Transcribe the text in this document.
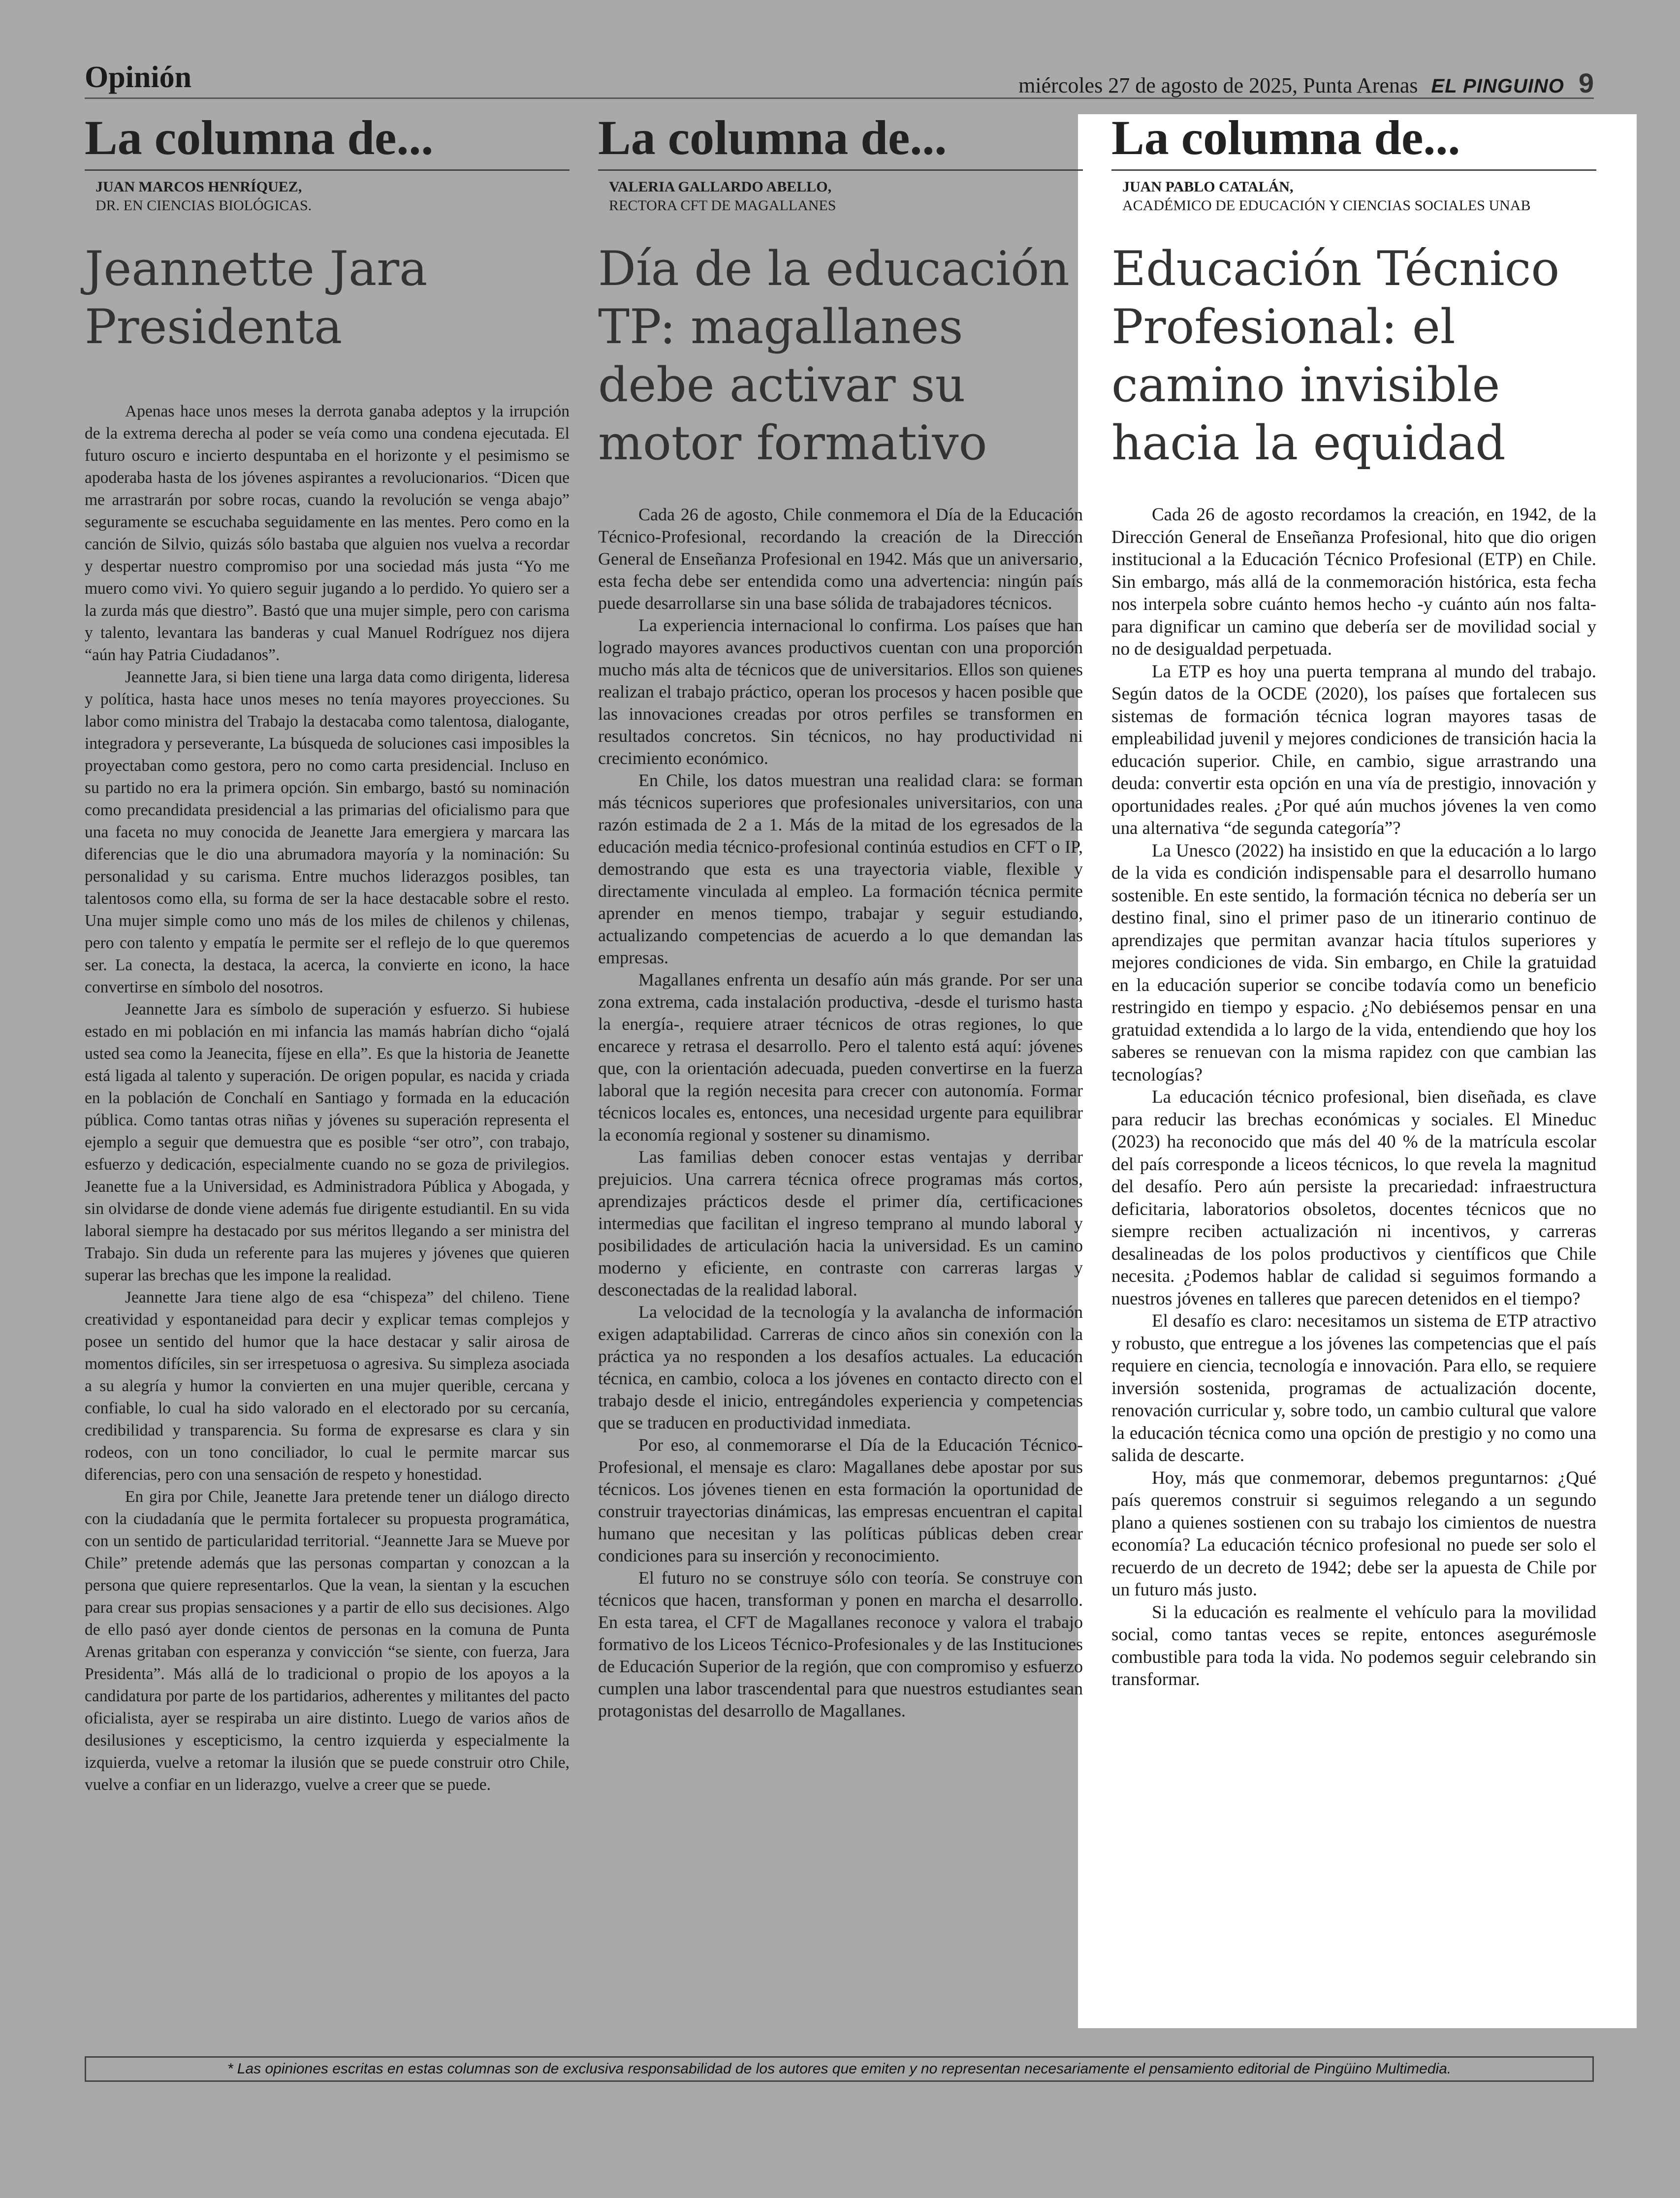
Opinión	miércoles 27 de agosto de 2025, Punta Arenas EL PINGUINO 9
La columna de...
JUAN MARCOS HENRÍQUEZ,
DR. EN CIENCIAS BIOLÓGICAS.
Jeannette Jara Presidenta

Apenas hace unos meses la derrota ganaba adeptos y la irrupción de la extrema derecha al poder se veía como una condena ejecutada. El futuro oscuro e incierto despuntaba en el horizonte y el pesimismo se apoderaba hasta de los jóvenes aspirantes a revolucionarios. “Dicen que me arrastrarán por sobre rocas, cuando la revolución se venga abajo” seguramente se escuchaba seguidamente en las mentes. Pero como en la canción de Silvio, quizás sólo bastaba que alguien nos vuelva a recordar y despertar nuestro compromiso por una sociedad más justa “Yo me muero como vivi. Yo quiero seguir jugando a lo perdido. Yo quiero ser a la zurda más que diestro”. Bastó que una mujer simple, pero con carisma y talento, levantara las banderas y cual Manuel Rodríguez nos dijera “aún hay Patria Ciudadanos”.

Jeannette Jara, si bien tiene una larga data como dirigenta, lideresa y política, hasta hace unos meses no tenía mayores proyecciones. Su labor como ministra del Trabajo la destacaba como talentosa, dialogante, integradora y perseverante, La búsqueda de soluciones casi imposibles la proyectaban como gestora, pero no como carta presidencial. Incluso en su partido no era la primera opción. Sin embargo, bastó su nominación como precandidata presidencial a las primarias del oficialismo para que una faceta no muy conocida de Jeanette Jara emergiera y marcara las diferencias que le dio una abrumadora mayoría y la nominación: Su personalidad y su carisma. Entre muchos liderazgos posibles, tan talentosos como ella, su forma de ser la hace destacable sobre el resto. Una mujer simple como uno más de los miles de chilenos y chilenas, pero con talento y empatía le permite ser el reflejo de lo que queremos ser. La conecta, la destaca, la acerca, la convierte en icono, la hace convertirse en símbolo del nosotros.

Jeannette Jara es símbolo de superación y esfuerzo. Si hubiese estado en mi población en mi infancia las mamás habrían dicho “ojalá usted sea como la Jeanecita, fíjese en ella”. Es que la historia de Jeanette está ligada al talento y superación. De origen popular, es nacida y criada en la población de Conchalí en Santiago y formada en la educación pública. Como tantas otras niñas y jóvenes su superación representa el ejemplo a seguir que demuestra que es posible “ser otro”, con trabajo, esfuerzo y dedicación, especialmente cuando no se goza de privilegios. Jeanette fue a la Universidad, es Administradora Pública y Abogada, y sin olvidarse de donde viene además fue dirigente estudiantil. En su vida laboral siempre ha destacado por sus méritos llegando a ser ministra del Trabajo. Sin duda un referente para las mujeres y jóvenes que quieren superar las brechas que les impone la realidad.

Jeannette Jara tiene algo de esa “chispeza” del chileno. Tiene creatividad y espontaneidad para decir y explicar temas complejos y posee un sentido del humor que la hace destacar y salir airosa de momentos difíciles, sin ser irrespetuosa o agresiva. Su simpleza asociada a su alegría y humor la convierten en una mujer querible, cercana y confiable, lo cual ha sido valorado en el electorado por su cercanía, credibilidad y transparencia. Su forma de expresarse es clara y sin rodeos, con un tono conciliador, lo cual le permite marcar sus diferencias, pero con una sensación de respeto y honestidad.

En gira por Chile, Jeanette Jara pretende tener un diálogo directo con la ciudadanía que le permita fortalecer su propuesta programática, con un sentido de particularidad territorial. “Jeannette Jara se Mueve por Chile” pretende además que las personas compartan y conozcan a la persona que quiere representarlos. Que la vean, la sientan y la escuchen para crear sus propias sensaciones y a partir de ello sus decisiones. Algo de ello pasó ayer donde cientos de personas en la comuna de Punta Arenas gritaban con esperanza y convicción “se siente, con fuerza, Jara Presidenta”. Más allá de lo tradicional o propio de los apoyos a la candidatura por parte de los partidarios, adherentes y militantes del pacto oficialista, ayer se respiraba un aire distinto. Luego de varios años de desilusiones y escepticismo, la centro izquierda y especialmente la izquierda, vuelve a retomar la ilusión que se puede construir otro Chile, vuelve a confiar en un liderazgo, vuelve a creer que se puede.

La columna de...
VALERIA GALLARDO ABELLO,
RECTORA CFT DE MAGALLANES
Día de la educación TP: magallanes debe activar su motor formativo

Cada 26 de agosto, Chile conmemora el Día de la Educación Técnico-Profesional, recordando la creación de la Dirección General de Enseñanza Profesional en 1942. Más que un aniversario, esta fecha debe ser entendida como una advertencia: ningún país puede desarrollarse sin una base sólida de trabajadores técnicos.

La experiencia internacional lo confirma. Los países que han logrado mayores avances productivos cuentan con una proporción mucho más alta de técnicos que de universitarios. Ellos son quienes realizan el trabajo práctico, operan los procesos y hacen posible que las innovaciones creadas por otros perfiles se transformen en resultados concretos. Sin técnicos, no hay productividad ni crecimiento económico.

En Chile, los datos muestran una realidad clara: se forman más técnicos superiores que profesionales universitarios, con una razón estimada de 2 a 1. Más de la mitad de los egresados de la educación media técnico-profesional continúa estudios en CFT o IP, demostrando que esta es una trayectoria viable, flexible y directamente vinculada al empleo. La formación técnica permite aprender en menos tiempo, trabajar y seguir estudiando, actualizando competencias de acuerdo a lo que demandan las empresas.

Magallanes enfrenta un desafío aún más grande. Por ser una zona extrema, cada instalación productiva, -desde el turismo hasta la energía-, requiere atraer técnicos de otras regiones, lo que encarece y retrasa el desarrollo. Pero el talento está aquí: jóvenes que, con la orientación adecuada, pueden convertirse en la fuerza laboral que la región necesita para crecer con autonomía. Formar técnicos locales es, entonces, una necesidad urgente para equilibrar la economía regional y sostener su dinamismo.

Las familias deben conocer estas ventajas y derribar prejuicios. Una carrera técnica ofrece programas más cortos, aprendizajes prácticos desde el primer día, certificaciones intermedias que facilitan el ingreso temprano al mundo laboral y posibilidades de articulación hacia la universidad. Es un camino moderno y eficiente, en contraste con carreras largas y desconectadas de la realidad laboral.

La velocidad de la tecnología y la avalancha de información exigen adaptabilidad. Carreras de cinco años sin conexión con la práctica ya no responden a los desafíos actuales. La educación técnica, en cambio, coloca a los jóvenes en contacto directo con el trabajo desde el inicio, entregándoles experiencia y competencias que se traducen en productividad inmediata.

Por eso, al conmemorarse el Día de la Educación Técnico-Profesional, el mensaje es claro: Magallanes debe apostar por sus técnicos. Los jóvenes tienen en esta formación la oportunidad de construir trayectorias dinámicas, las empresas encuentran el capital humano que necesitan y las políticas públicas deben crear condiciones para su inserción y reconocimiento.

El futuro no se construye sólo con teoría. Se construye con técnicos que hacen, transforman y ponen en marcha el desarrollo. En esta tarea, el CFT de Magallanes reconoce y valora el trabajo formativo de los Liceos Técnico-Profesionales y de las Instituciones de Educación Superior de la región, que con compromiso y esfuerzo cumplen una labor trascendental para que nuestros estudiantes sean protagonistas del desarrollo de Magallanes.

La columna de...
JUAN PABLO CATALÁN,
ACADÉMICO DE EDUCACIÓN Y CIENCIAS SOCIALES UNAB
Educación Técnico Profesional: el camino invisible hacia la equidad

Cada 26 de agosto recordamos la creación, en 1942, de la Dirección General de Enseñanza Profesional, hito que dio origen institucional a la Educación Técnico Profesional (ETP) en Chile. Sin embargo, más allá de la conmemoración histórica, esta fecha nos interpela sobre cuánto hemos hecho -y cuánto aún nos falta- para dignificar un camino que debería ser de movilidad social y no de desigualdad perpetuada.

La ETP es hoy una puerta temprana al mundo del trabajo. Según datos de la OCDE (2020), los países que fortalecen sus sistemas de formación técnica logran mayores tasas de empleabilidad juvenil y mejores condiciones de transición hacia la educación superior. Chile, en cambio, sigue arrastrando una deuda: convertir esta opción en una vía de prestigio, innovación y oportunidades reales. ¿Por qué aún muchos jóvenes la ven como una alternativa “de segunda categoría”?

La Unesco (2022) ha insistido en que la educación a lo largo de la vida es condición indispensable para el desarrollo humano sostenible. En este sentido, la formación técnica no debería ser un destino final, sino el primer paso de un itinerario continuo de aprendizajes que permitan avanzar hacia títulos superiores y mejores condiciones de vida. Sin embargo, en Chile la gratuidad en la educación superior se concibe todavía como un beneficio restringido en tiempo y espacio. ¿No debiésemos pensar en una gratuidad extendida a lo largo de la vida, entendiendo que hoy los saberes se renuevan con la misma rapidez con que cambian las tecnologías?

La educación técnico profesional, bien diseñada, es clave para reducir las brechas económicas y sociales. El Mineduc (2023) ha reconocido que más del 40 % de la matrícula escolar del país corresponde a liceos técnicos, lo que revela la magnitud del desafío. Pero aún persiste la precariedad: infraestructura deficitaria, laboratorios obsoletos, docentes técnicos que no siempre reciben actualización ni incentivos, y carreras desalineadas de los polos productivos y científicos que Chile necesita. ¿Podemos hablar de calidad si seguimos formando a nuestros jóvenes en talleres que parecen detenidos en el tiempo?

El desafío es claro: necesitamos un sistema de ETP atractivo y robusto, que entregue a los jóvenes las competencias que el país requiere en ciencia, tecnología e innovación. Para ello, se requiere inversión sostenida, programas de actualización docente, renovación curricular y, sobre todo, un cambio cultural que valore la educación técnica como una opción de prestigio y no como una salida de descarte.

Hoy, más que conmemorar, debemos preguntarnos: ¿Qué país queremos construir si seguimos relegando a un segundo plano a quienes sostienen con su trabajo los cimientos de nuestra economía? La educación técnico profesional no puede ser solo el recuerdo de un decreto de 1942; debe ser la apuesta de Chile por un futuro más justo.

Si la educación es realmente el vehículo para la movilidad social, como tantas veces se repite, entonces asegurémosle combustible para toda la vida. No podemos seguir celebrando sin transformar.

* Las opiniones escritas en estas columnas son de exclusiva responsabilidad de los autores que emiten y no representan necesariamente el pensamiento editorial de Pingüino Multimedia.
